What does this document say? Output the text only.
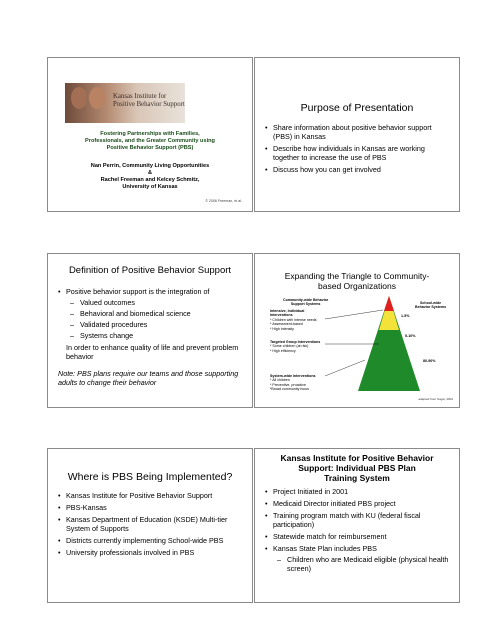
Kansas Institute for
Positive Behavior Support
Fostering Partnerships with Families,
Professionals, and the Greater Community using
Positive Behavior Support (PBS)
Nan Perrin, Community Living Opportunities
&
Rachel Freeman and Kelcey Schmitz,
University of Kansas
© 2006 Freeman, et al.
Purpose of Presentation
• Share information about positive behavior support (PBS) in Kansas
• Describe how individuals in Kansas are working together to increase the use of PBS
• Discuss how you can get involved
Definition of Positive Behavior Support
• Positive behavior support is the integration of
– Valued outcomes
– Behavioral and biomedical science
– Validated procedures
– Systems change
In order to enhance quality of life and prevent problem behavior
Note: PBS plans require our teams and those supporting adults to change their behavior
Expanding the Triangle to Community-
based Organizations
Community-wide Behavior
Support Systems	School-wide
Behavior Systems
1-5%
5-10%
80-90%
Intensive, Individual
Interventions
* Children with intense needs
* Assessment-based
* High intensity
Targeted Group Interventions
* Some children (at risk)
* High efficiency
System-wide Interventions
* All children
* Preventive, proactive
*Broad community focus
adapted from Sugai, 2002
Where is PBS Being Implemented?
• Kansas Institute for Positive Behavior Support
• PBS-Kansas
• Kansas Department of Education (KSDE) Multi-tier System of Supports
• Districts currently implementing School-wide PBS
• University professionals involved in PBS
Kansas Institute for Positive Behavior
Support: Individual PBS Plan
Training System
• Project Initiated in 2001
• Medicaid Director initiated PBS project
• Training program match with KU (federal fiscal participation)
• Statewide match for reimbursement
• Kansas State Plan includes PBS
– Children who are Medicaid eligible (physical health screen)
